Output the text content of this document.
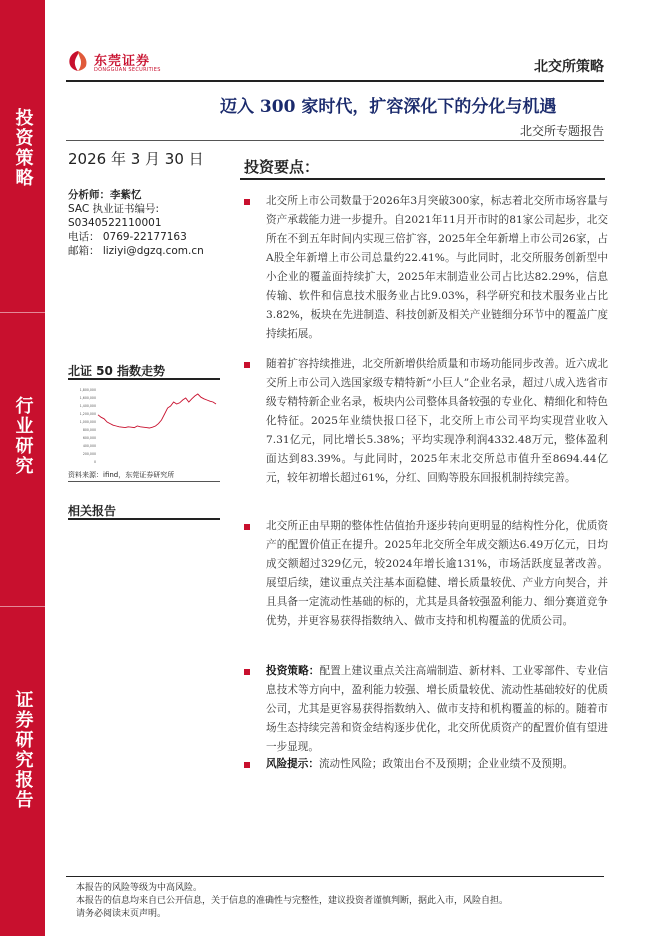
投资策略
行业研究
证券研究报告
东莞证券
DONGGUAN SECURITIES	北交所策略
迈入 300 家时代，扩容深化下的分化与机遇
北交所专题报告
2026 年 3 月 30 日
分析师：李紫忆
SAC 执业证书编号:
S0340522110001
电话： 0769-22177163
邮箱： liziyi@dgzq.com.cn
北证 50 指数走势
1,800,000
1,600,000
1,400,000
1,200,000
1,000,000
800,000
600,000
400,000
200,000
0
资料来源：ifind，东莞证券研究所
相关报告
投资要点：
北交所上市公司数量于2026年3月突破300家，标志着北交所市场容量与资产承载能力进一步提升。自2021年11月开市时的81家公司起步，北交所在不到五年时间内实现三倍扩容，2025年全年新增上市公司26家，占A股全年新增上市公司总量约22.41%。与此同时，北交所服务创新型中小企业的覆盖面持续扩大，2025年末制造业公司占比达82.29%，信息传输、软件和信息技术服务业占比9.03%，科学研究和技术服务业占比3.82%，板块在先进制造、科技创新及相关产业链细分环节中的覆盖广度持续拓展。
随着扩容持续推进，北交所新增供给质量和市场功能同步改善。近六成北交所上市公司入选国家级专精特新“小巨人”企业名录，超过八成入选省市级专精特新企业名录，板块内公司整体具备较强的专业化、精细化和特色化特征。2025年业绩快报口径下，北交所上市公司平均实现营业收入7.31亿元，同比增长5.38%；平均实现净利润4332.48万元，整体盈利面达到83.39%。与此同时，2025年末北交所总市值升至8694.44亿元，较年初增长超过61%，分红、回购等股东回报机制持续完善。
北交所正由早期的整体性估值抬升逐步转向更明显的结构性分化，优质资产的配置价值正在提升。2025年北交所全年成交额达6.49万亿元，日均成交额超过329亿元，较2024年增长逾131%，市场活跃度显著改善。展望后续，建议重点关注基本面稳健、增长质量较优、产业方向契合，并且具备一定流动性基础的标的，尤其是具备较强盈利能力、细分赛道竞争优势，并更容易获得指数纳入、做市支持和机构覆盖的优质公司。
投资策略：配置上建议重点关注高端制造、新材料、工业零部件、专业信息技术等方向中，盈利能力较强、增长质量较优、流动性基础较好的优质公司，尤其是更容易获得指数纳入、做市支持和机构覆盖的标的。随着市场生态持续完善和资金结构逐步优化，北交所优质资产的配置价值有望进一步显现。
风险提示：流动性风险；政策出台不及预期；企业业绩不及预期。
本报告的风险等级为中高风险。
本报告的信息均来自已公开信息，关于信息的准确性与完整性，建议投资者谨慎判断，据此入市，风险自担。
请务必阅读末页声明。
